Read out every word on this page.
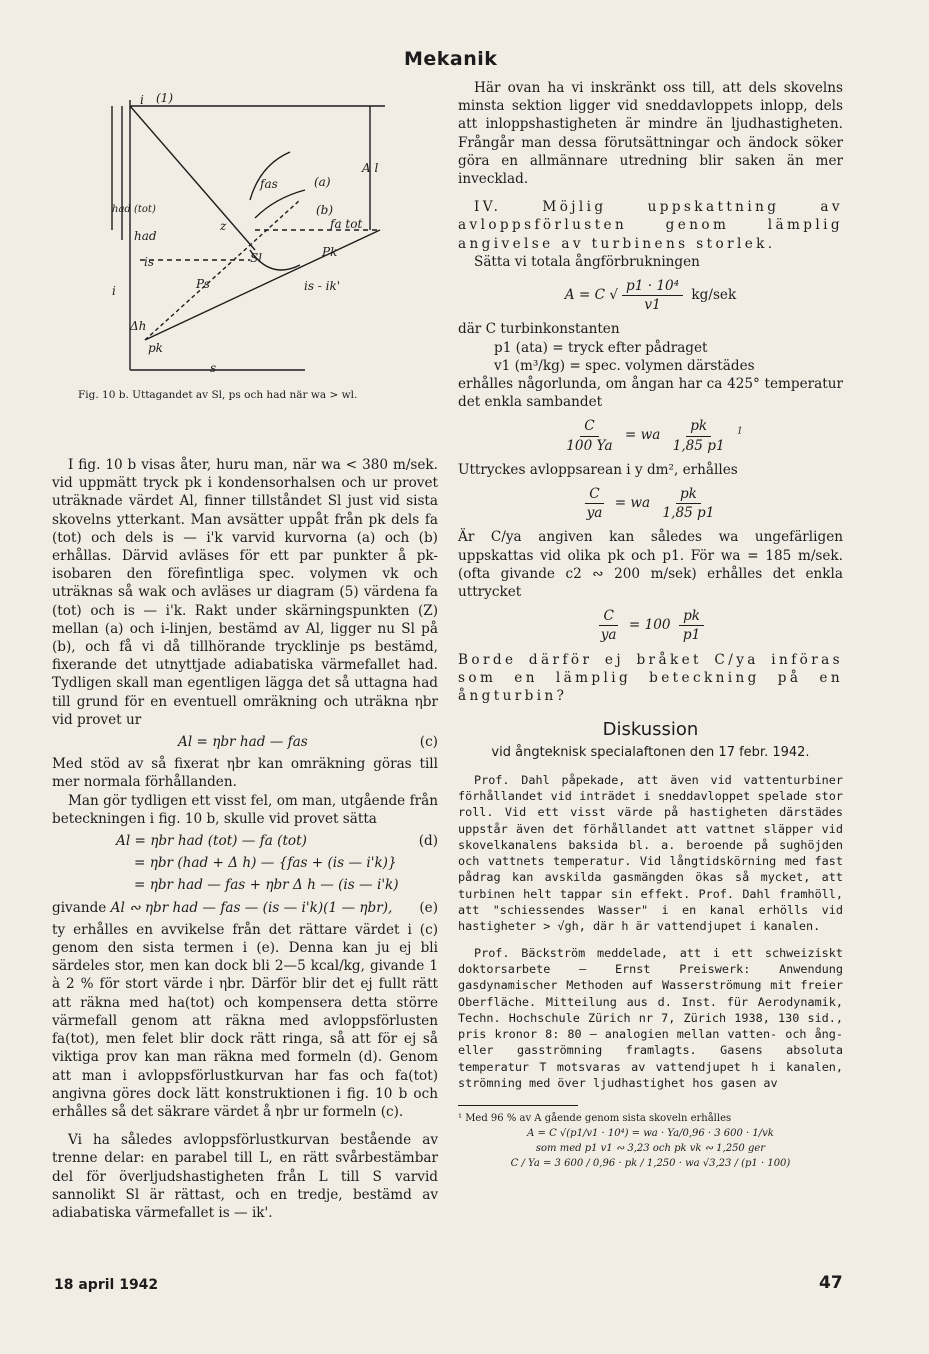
Mekanik
i (1)
A l
had (tot)
had
is
i
Δh
pk
s
fas	(a)
(b)
fa tot
z
Sl	Pk
Ps	is - ik'
Fig. 10 b. Uttagandet av Sl, ps och had när wa > wl.

I fig. 10 b visas åter, huru man, när wa < 380 m/sek. vid uppmätt tryck pk i kondensorhalsen och ur provet uträknade värdet Al, finner tillståndet Sl just vid sista skovelns ytterkant. Man avsätter uppåt från pk dels fa (tot) och dels is — i'k varvid kurvorna (a) och (b) erhållas. Därvid avläses för ett par punkter å pk-isobaren den förefintliga spec. volymen vk och uträknas så wak och avläses ur diagram (5) värdena fa (tot) och is — i'k. Rakt under skärningspunkten (Z) mellan (a) och i-linjen, bestämd av Al, ligger nu Sl på (b), och få vi då tillhörande trycklinje ps bestämd, fixerande det utnyttjade adiabatiska värmefallet had. Tydligen skall man egentligen lägga det så uttagna had till grund för en eventuell omräkning och uträkna ηbr vid provet ur

Al = ηbr had — fas	(c)

Med stöd av så fixerat ηbr kan omräkning göras till mer normala förhållanden.

Man gör tydligen ett visst fel, om man, utgående från beteckningen i fig. 10 b, skulle vid provet sätta

Al = ηbr had (tot) — fa (tot)	(d)
= ηbr (had + Δ h) — {fas + (is — i'k)}
= ηbr had — fas + ηbr Δ h — (is — i'k)
givande Al ∾ ηbr had — fas — (is — i'k)(1 — ηbr), (e)

ty erhålles en avvikelse från det rättare värdet i (c) genom den sista termen i (e). Denna kan ju ej bli särdeles stor, men kan dock bli 2—5 kcal/kg, givande 1 à 2 % för stort värde i ηbr. Därför blir det ej fullt rätt att räkna med ha(tot) och kompensera detta större värmefall genom att räkna med avloppsförlusten fa(tot), men felet blir dock rätt ringa, så att för ej så viktiga prov kan man räkna med formeln (d). Genom att man i avloppsförlustkurvan har fas och fa(tot) angivna göres dock lätt konstruktionen i fig. 10 b och erhålles så det säkrare värdet å ηbr ur formeln (c).

Vi ha således avloppsförlustkurvan bestående av trenne delar: en parabel till L, en rätt svårbestämbar del för överljudshastigheten från L till S varvid sannolikt Sl är rättast, och en tredje, bestämd av adiabatiska värmefallet is — ik'.

Här ovan ha vi inskränkt oss till, att dels skovelns minsta sektion ligger vid sneddavloppets inlopp, dels att inloppshastigheten är mindre än ljudhastigheten. Frångår man dessa förutsättningar och ändock söker göra en allmännare utredning blir saken än mer invecklad.

IV. Möjlig uppskattning av avloppsförlusten genom lämplig angivelse av turbinens storlek.

Sätta vi totala ångförbrukningen

A = C √ $\frac{\text{p1 · 10⁴}}{v1} kg/sek$

där C turbinkonstanten

p1 (ata) = tryck efter pådraget

v1 (m³/kg) = spec. volymen därstädes

erhålles någorlunda, om ångan har ca 425° temperatur det enkla sambandet

$\frac{C}{100 Ya}$ = wa $\frac{pk}{1,85 p1} ^1$

Uttryckes avloppsarean i y dm², erhålles

$\frac{C}{ya}$ = wa $\frac{pk}{1,85 p1}$

Är C/ya angiven kan således wa ungefärligen uppskattas vid olika pk och p1. För wa = 185 m/sek. (ofta givande c2 ∾ 200 m/sek) erhålles det enkla uttrycket

$\frac{C}{ya} = 100 \frac{pk}{p1}$

Borde därför ej bråket C/ya införas som en lämplig beteckning på en ångturbin?

Diskussion
vid ångteknisk specialaftonen den 17 febr. 1942.

Prof. Dahl påpekade, att även vid vattenturbiner förhållandet vid inträdet i sneddavloppet spelade stor roll. Vid ett visst värde på hastigheten därstädes uppstår även det förhållandet att vattnet släpper vid skovelkanalens baksida bl. a. beroende på sughöjden och vattnets temperatur. Vid långtidskörning med fast pådrag kan avskilda gasmängden ökas så mycket, att turbinen helt tappar sin effekt. Prof. Dahl framhöll, att "schiessendes Wasser" i en kanal erhölls vid hastigheter > √gh, där h är vattendjupet i kanalen.

Prof. Bäckström meddelade, att i ett schweiziskt doktorsarbete — Ernst Preiswerk: Anwendung gasdynamischer Methoden auf Wasserströmung mit freier Oberfläche. Mitteilung aus d. Inst. für Aerodynamik, Techn. Hochschule Zürich nr 7, Zürich 1938, 130 sid., pris kronor 8: 80 — analogien mellan vatten- och ång- eller gasströmning framlagts. Gasens absoluta temperatur T motsvaras av vattendjupet h i kanalen, strömning med över ljudhastighet hos gasen av

¹ Med 96 % av A gående genom sista skoveln erhålles
A = C √(p1/v1 · 10⁴) = wa · Ya/0,96 · 3 600 · 1/vk
som med p1 v1 ∾ 3,23 och pk vk ∾ 1,250 ger
C / Ya = 3 600 / 0,96 · pk / 1,250 · wa √3,23 / (p1 · 100)
18 april 1942	47
